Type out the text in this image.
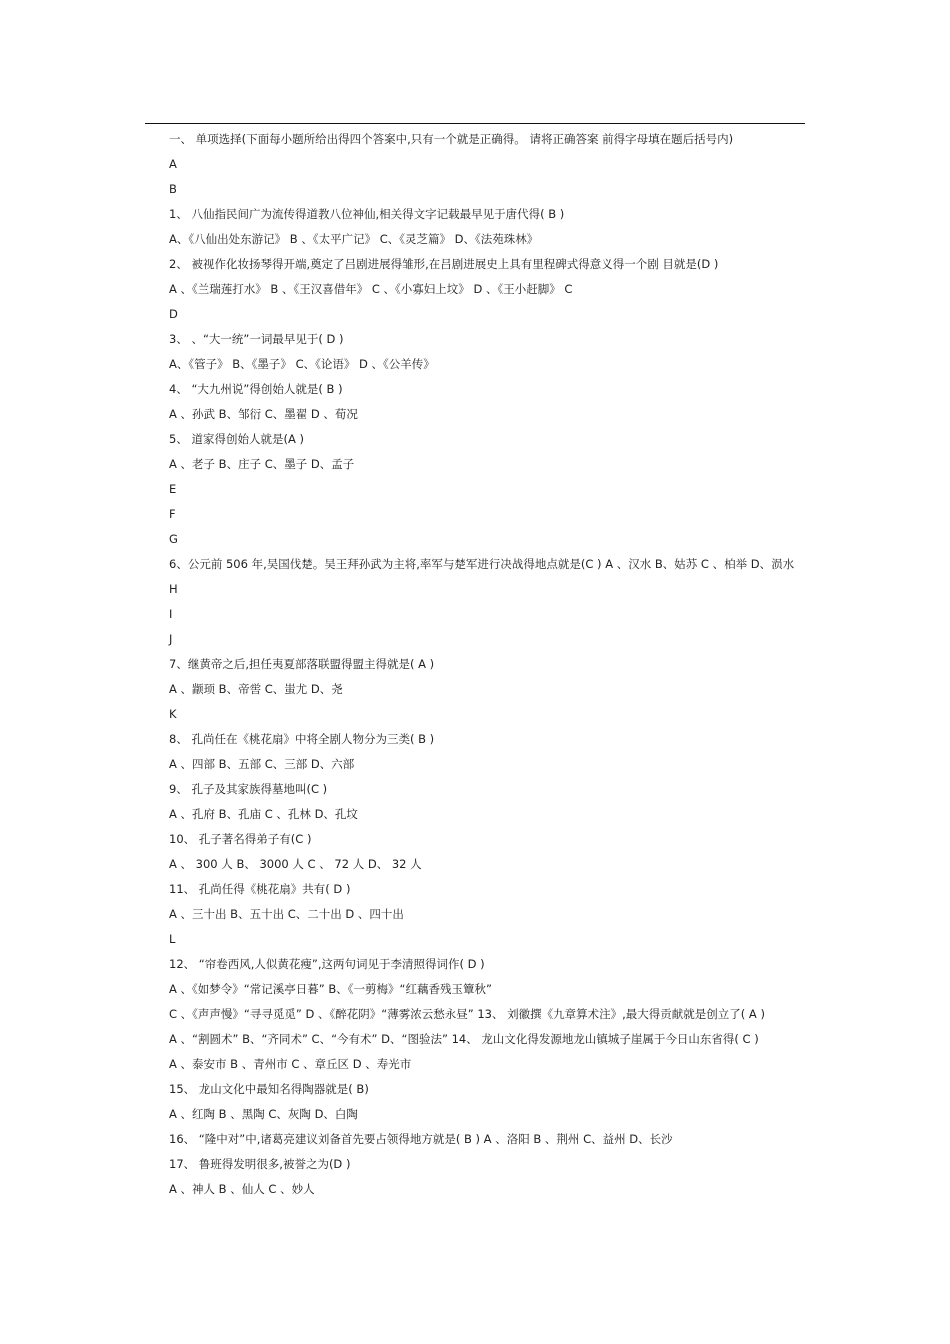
一、 单项选择(下面每小题所给出得四个答案中,只有一个就是正确得。 请将正确答案 前得字母填在题后括号内)
A
B
1、 八仙指民间广为流传得道教八位神仙,相关得文字记载最早见于唐代得( B )
A、《八仙出处东游记》 B 、《太平广记》 C、《灵芝篇》 D、《法苑珠林》
2、 被视作化妆扬琴得开端,奠定了吕剧进展得雏形,在吕剧进展史上具有里程碑式得意义得一个剧 目就是(D )
A 、《兰瑞莲打水》 B 、《王汉喜借年》 C 、《小寡妇上坟》 D 、《王小赶脚》 C
D
3、 、“大一统”一词最早见于( D )
A、《管子》 B、《墨子》 C、《论语》 D 、《公羊传》
4、 “大九州说”得创始人就是( B )
A 、孙武 B、邹衍 C、墨翟 D 、荀况
5、 道家得创始人就是(A )
A 、老子 B、庄子 C、墨子 D、孟子
E
F
G
6、公元前 506 年,吴国伐楚。吴王拜孙武为主将,率军与楚军进行决战得地点就是(C ) A 、汉水 B、姑苏 C 、柏举 D、涢水
H
I
J
7、继黄帝之后,担任夷夏部落联盟得盟主得就是( A )
A 、颛顼 B、帝喾 C、蚩尤 D、尧
K
8、 孔尚任在《桃花扇》中将全剧人物分为三类( B )
A 、四部 B、五部 C、三部 D、六部
9、 孔子及其家族得墓地叫(C )
A 、孔府 B、孔庙 C 、孔林 D、孔坟
10、 孔子著名得弟子有(C )
A 、 300 人 B、 3000 人 C 、 72 人 D、 32 人
11、 孔尚任得《桃花扇》共有( D )
A 、三十出 B、五十出 C、二十出 D 、四十出
L
12、 “帘卷西风,人似黄花瘦”,这两句词见于李清照得词作( D )
A 、《如梦令》“常记溪亭日暮” B、《一剪梅》“红藕香残玉簟秋”
C 、《声声慢》“寻寻觅觅” D 、《醉花阴》“薄雾浓云愁永昼” 13、 刘徽撰《九章算术注》,最大得贡献就是创立了( A )
A 、“割圆术” B、“齐同术” C、“今有术” D、“图验法” 14、 龙山文化得发源地龙山镇城子崖属于今日山东省得( C )
A 、泰安市 B 、青州市 C 、章丘区 D 、寿光市
15、 龙山文化中最知名得陶器就是( B)
A 、红陶 B 、黑陶 C、灰陶 D、白陶
16、 “隆中对”中,诸葛亮建议刘备首先要占领得地方就是( B ) A 、洛阳 B 、荆州 C、益州 D、长沙
17、 鲁班得发明很多,被誉之为(D )
A 、神人 B 、仙人 C 、妙人
